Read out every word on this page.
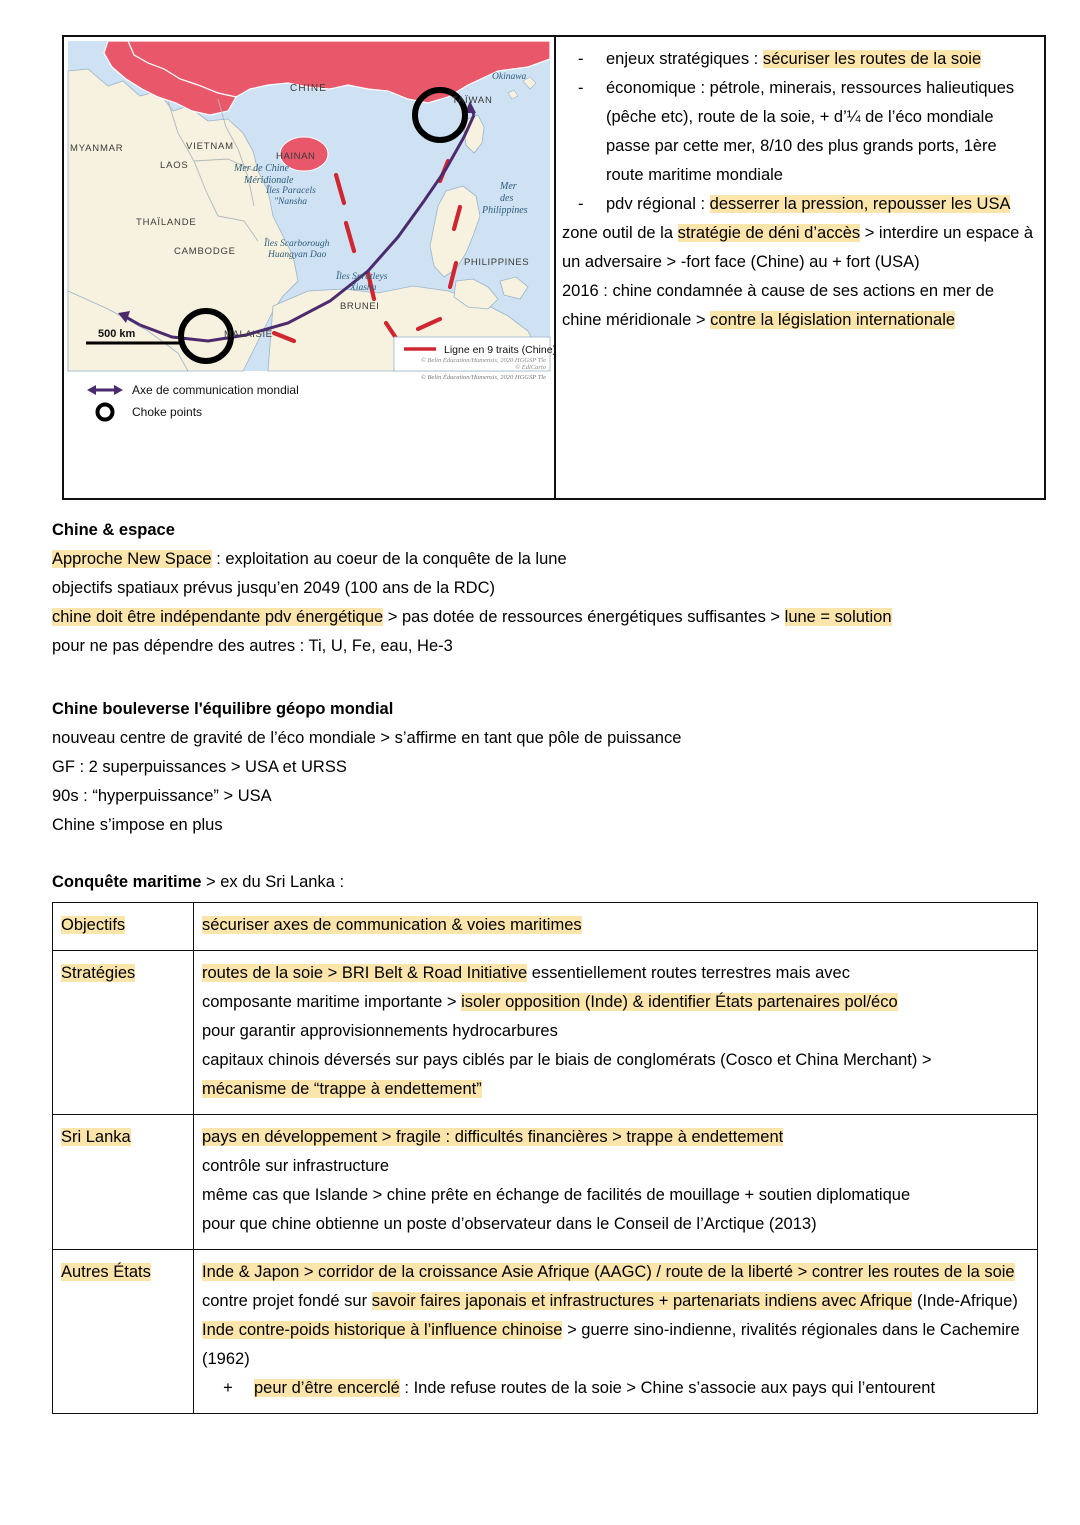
500 km
Ligne en 9 traits (Chine)
CHINE
MYANMAR	VIETNAM
LAOS
THAÏLANDE
CAMBODGE
HAINAN
TAÏWAN
Okinawa
PHILIPPINES
BRUNEI
MALAISIE
Mer de Chine
Méridionale
Mer
des
Philippines
Îles Paracels
"Nansha
Îles Scarborough
Huangyan Dao
Îles Spratleys
Xiasha
© Belin Éducation/Humensis, 2020 HGGSP Tle
© Belin Éducation/Humensis, 2020 HGGSP Tle
© ÉdiCarto
Axe de communication mondial
Choke points
-	enjeux stratégiques : sécuriser les routes de la soie
-	économique : pétrole, minerais, ressources halieutiques (pêche etc), route de la soie, + d’¼ de l’éco mondiale passe par cette mer, 8/10 des plus grands ports, 1ère route maritime mondiale
-	pdv régional : desserrer la pression, repousser les USA
zone outil de la stratégie de déni d’accès > interdire un espace à un adversaire > -fort face (Chine) au + fort (USA)
2016 : chine condamnée à cause de ses actions en mer de chine méridionale > contre la législation internationale
Chine & espace
Approche New Space : exploitation au coeur de la conquête de la lune
objectifs spatiaux prévus jusqu’en 2049 (100 ans de la RDC)
chine doit être indépendante pdv énergétique > pas dotée de ressources énergétiques suffisantes > lune = solution
pour ne pas dépendre des autres : Ti, U, Fe, eau, He-3
Chine bouleverse l'équilibre géopo mondial
nouveau centre de gravité de l’éco mondiale > s’affirme en tant que pôle de puissance
GF : 2 superpuissances > USA et URSS
90s : “hyperpuissance” > USA
Chine s’impose en plus
Conquête maritime > ex du Sri Lanka :
Objectifs	sécuriser axes de communication & voies maritimes

Stratégies	routes de la soie > BRI Belt & Road Initiative essentiellement routes terrestres mais avec
composante maritime importante > isoler opposition (Inde) & identifier États partenaires pol/éco
pour garantir approvisionnements hydrocarbures
capitaux chinois déversés sur pays ciblés par le biais de conglomérats (Cosco et China Merchant) >
mécanisme de “trappe à endettement”

Sri Lanka	pays en développement > fragile : difficultés financières > trappe à endettement
contrôle sur infrastructure
même cas que Islande > chine prête en échange de facilités de mouillage + soutien diplomatique
pour que chine obtienne un poste d’observateur dans le Conseil de l’Arctique (2013)

Autres États	Inde & Japon > corridor de la croissance Asie Afrique (AAGC) / route de la liberté > contrer les routes de la soie
contre projet fondé sur savoir faires japonais et infrastructures + partenariats indiens avec Afrique (Inde-Afrique)
Inde contre-poids historique à l’influence chinoise > guerre sino-indienne, rivalités régionales dans le Cachemire (1962)
+ peur d’être encerclé : Inde refuse routes de la soie > Chine s’associe aux pays qui l’entourent
